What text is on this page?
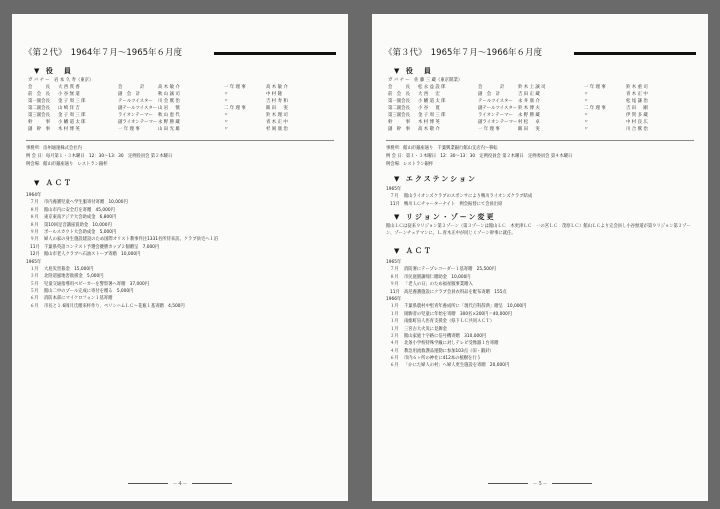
《第２代》　1964年７月～1965年６月度
▼ 役　員
ガ バ ナ ー　岩 本 久 寿（東京）
会　　　長 大 西 貫 香	会　　　　計	高 木 敏 介	一 年 理 事	高 木 敏 介
前　会　長 小 谷 無 道	副　会　計	秋 山 誠 司	〃	中 村 隆
第一副会長 金 子 周 三 郎	テールツイスター 川 会 鷲 治	〃	吉 村 寿 和
第二副会長 山 崎 洋 吉	副テールツイスター 山 岩 　 慎	二 年 理 事	飯 田 　 実
第三副会長 金 子 周 三 郎	ライオンテーマー 秋 山 恵 代	〃	鈴 木 理 司
幹　　　事 小 幡 道 太 郎	副ライオンテーマー 永 野 勝 蔵	〃	青 木 正 中
副　幹　事 木 村 博 英	一 年 理 事	山 田 光 雄	〃	杉 岡 康 治
事務所：房州通運株式会社内
例 会 日：毎月第１・３木曜日　12：30～13：30　定例役員会 第２木曜日
例会場：館山市銀座通り　レストラン銀杯
▼ ＡＣＴ
1964年
７月 市内養護児童へ学生服寄付寄贈　10,000円
８月 館山市内に安全灯を寄贈　45,000円
８月 東京東南アジア大会助成金　6,800円
８月 第10回足音講座賞助金　10,000円
９月 ボールスカウト大会助成金　5,000円
９月 婦人の家の身生施設建設のため国際オリスト教事件注1331名所待来訪。クラブ員宅へ１泊
11月 千葉県英語コンテスト予選会優勝カップ２個贈呈　7,000円
12月 館山市老人クラブへ石油ストーブ寄贈　10,000円
1965年
１月 大島災害募金　15,000円
３月 北陸道風地害救援金　5,000円
５月 児童交通指導用ペビーカーを警察署へ寄贈　37,000円
５月 館山二中のプール完成に寄付を贈る　5,000円
６月 消防本部にマイクロフォン１基寄贈
６月 市長と１.6岡月氏贈来杯作り、ペリンハムＬＣ～花瓶１基寄贈　4,500円
－４－
《第３代》　1965年７月～1966年６月度
▼ 役　員
ガ バ ナ ー　佐 藤 三 蔵（東京開業）
会　　　長 松 永 益 設 郎	会　　　　計	鈴 木 上 誠 司	一 年 理 事	鈴 木 重 司
前　会　長 大 西 　 宏	副　会　計	吉 田 正 蔵	〃	青 木 正 中
第一副会長 小 幡 道 太 郎	テールツイスター 永 井 康 介	〃	松 尾 謙 治
第二副会長 小 谷 　 寛	副テールツイスター 鈴 木 博 夫	二 年 理 事	吉 田 　 剛
第三副会長 金 子 周 三 郎	ライオンテーマー 永 野 勝 蔵	〃	伊 賀 多 蔵
幹　　　事 木 村 博 英	副ライオンテーマー 村 松 　 卓	〃	中 村 良 広
副　幹　事 高 木 敬 介	一 年 理 事	飯 田 　 実	〃	川 合 鷲 治
事務所：館山市銀座通り　千葉興業銀行館山支店内～移転
例 会 日：第１・３木曜日　12：30～13：30　定例役員会 第２木曜日　定例委員会 第４木曜日
例会場：レストラン銀杯
▼ エクステンション
1965年
７月 館山ライオンズクラブのスポンサにより鴨川ライオンズクラブ結成
11月 鴨川ＬＣチャーターナイト　例会振替にて会員出席
▼ リジョン・ゾーン変更
館山ＬＣは従来９リジョン第３ゾーン（第３ゾーンは館山ＬＣ　木更津ＬＣ　一の宮ＬＣ　茂原ＬＣ）館山ＬＣより完会員し小谷無道が第９リジョン第３ゾーン、ゾーンチェアマンに。Ｌ.青木正中が同じくゾーン幹事に就任。
▼ ＡＣＴ
1965年
７月 消防署にテープレコーダー１基寄贈　25,500円
８月 市民庭園藩帰仁贈助金　10,000円
９月 「老人の日」のため福祉服事業贈入
11月 高尼養護施設にクラブ会員衣料品を配布寄贈　155点
1966年
１月 千葉県農村中堅青年養成所に「現代百科辞典」贈呈　10,000円
１月 岡駒者の児童に年始を寄贈　300名×200円＝40,000円
１月 南総町盲人医育支援金（県下ＬＣ共同ＡＣＴ）
１月 三宮古大火災に見舞金
３月 館山家庭十字路に信号機寄贈　310,000円
４月 北条小学校特殊学級に対しテレビ受像器１台寄贈
４月 教急用流救護品運動に参加103点（旧・鍛針）
６月 市内６ヶ所の神社に412本の植樹を行う
６月 「かにた婦人の村」へ婦人更生施設を寄贈　20,000円
－５－
